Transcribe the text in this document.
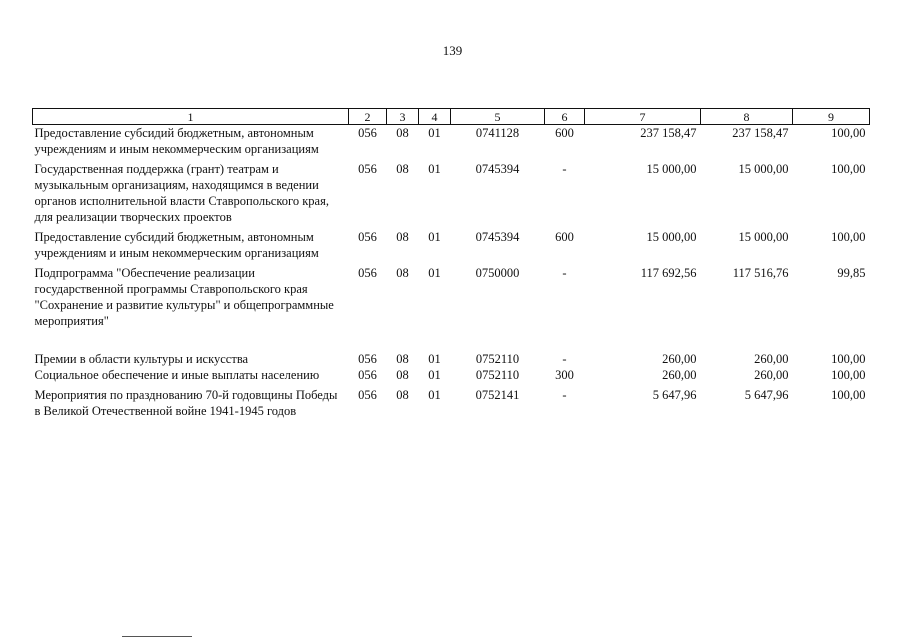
139
1	2	3	4	5	6	7	8	9
Предоставление субсидий бюджетным, автономным учреждениям и иным некоммерческим организациям	056	08	01	0741128	600	237 158,47	237 158,47	100,00
Государственная поддержка (грант) театрам и музыкальным организациям, находящимся в ведении органов исполнительной власти Ставропольского края, для реализации творческих проектов	056	08	01	0745394	-	15 000,00	15 000,00	100,00
Предоставление субсидий бюджетным, автономным учреждениям и иным некоммерческим организациям	056	08	01	0745394	600	15 000,00	15 000,00	100,00
Подпрограмма "Обеспечение реализации государственной программы Ставропольского края "Сохранение и развитие культуры" и общепрограммные мероприятия"	056	08	01	0750000	-	117 692,56	117 516,76	99,85
Премии в области культуры и искусства	056	08	01	0752110	-	260,00	260,00	100,00
Социальное обеспечение и иные выплаты населению	056	08	01	0752110	300	260,00	260,00	100,00
Мероприятия по празднованию 70-й годовщины Победы в Великой Отечественной войне 1941-1945 годов	056	08	01	0752141	-	5 647,96	5 647,96	100,00
